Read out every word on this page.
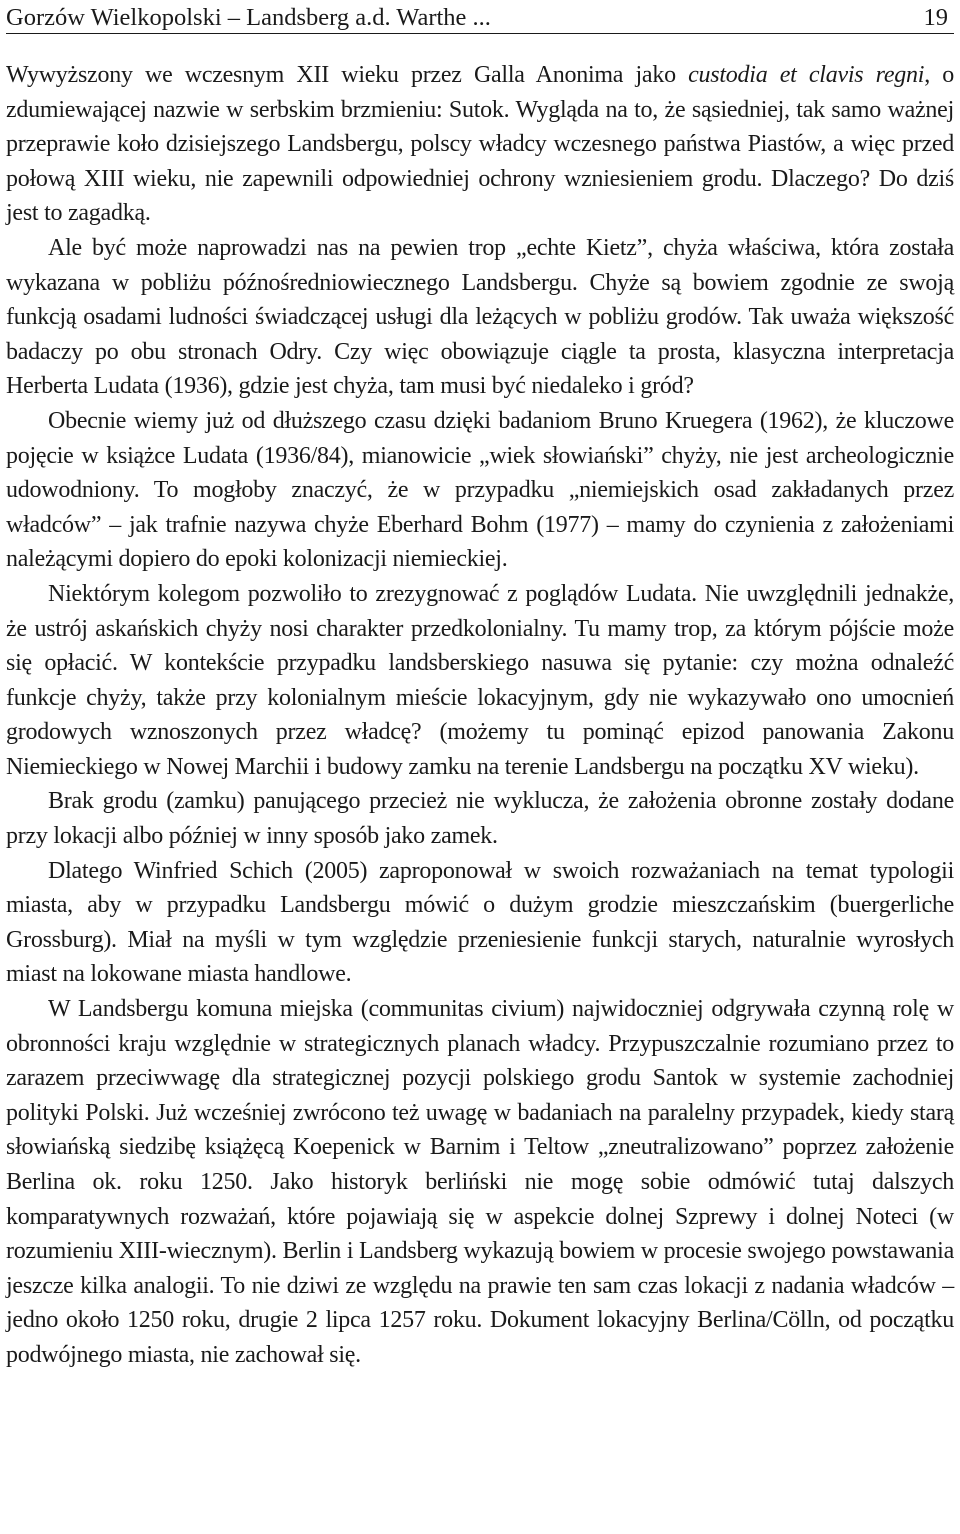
Gorzów Wielkopolski – Landsberg a.d. Warthe ...	19

Wywyższony we wczesnym XII wieku przez Galla Anonima jako custodia et clavis regni, o zdumiewającej nazwie w serbskim brzmieniu: Sutok. Wygląda na to, że sąsiedniej, tak samo ważnej przeprawie koło dzisiejszego Landsbergu, polscy władcy wczesnego państwa Piastów, a więc przed połową XIII wieku, nie zapewnili odpowiedniej ochrony wzniesieniem grodu. Dlaczego? Do dziś jest to zagadką.

Ale być może naprowadzi nas na pewien trop „echte Kietz”, chyża właściwa, która została wykazana w pobliżu późnośredniowiecznego Landsbergu. Chyże są bowiem zgodnie ze swoją funkcją osadami ludności świadczącej usługi dla leżących w pobliżu grodów. Tak uważa większość badaczy po obu stronach Odry. Czy więc obowiązuje ciągle ta prosta, klasyczna interpretacja Herberta Ludata (1936), gdzie jest chyża, tam musi być niedaleko i gród?

Obecnie wiemy już od dłuższego czasu dzięki badaniom Bruno Kruegera (1962), że kluczowe pojęcie w książce Ludata (1936/84), mianowicie „wiek słowiański” chyży, nie jest archeologicznie udowodniony. To mogłoby znaczyć, że w przypadku „niemiejskich osad zakładanych przez władców” – jak trafnie nazywa chyże Eberhard Bohm (1977) – mamy do czynienia z założeniami należącymi dopiero do epoki kolonizacji niemieckiej.

Niektórym kolegom pozwoliło to zrezygnować z poglądów Ludata. Nie uwzględnili jednakże, że ustrój askańskich chyży nosi charakter przedkolonialny. Tu mamy trop, za którym pójście może się opłacić. W kontekście przypadku landsberskiego nasuwa się pytanie: czy można odnaleźć funkcje chyży, także przy kolonialnym mieście lokacyjnym, gdy nie wykazywało ono umocnień grodowych wznoszonych przez władcę? (możemy tu pominąć epizod panowania Zakonu Niemieckiego w Nowej Marchii i budowy zamku na terenie Landsbergu na początku XV wieku).

Brak grodu (zamku) panującego przecież nie wyklucza, że założenia obronne zostały dodane przy lokacji albo później w inny sposób jako zamek.

Dlatego Winfried Schich (2005) zaproponował w swoich rozważaniach na temat typologii miasta, aby w przypadku Landsbergu mówić o dużym grodzie mieszczańskim (buergerliche Grossburg). Miał na myśli w tym względzie przeniesienie funkcji starych, naturalnie wyrosłych miast na lokowane miasta handlowe.

W Landsbergu komuna miejska (communitas civium) najwidoczniej odgrywała czynną rolę w obronności kraju względnie w strategicznych planach władcy. Przypuszczalnie rozumiano przez to zarazem przeciwwagę dla strategicznej pozycji polskiego grodu Santok w systemie zachodniej polityki Polski. Już wcześniej zwrócono też uwagę w badaniach na paralelny przypadek, kiedy starą słowiańską siedzibę książęcą Koepenick w Barnim i Teltow „zneutralizowano” poprzez założenie Berlina ok. roku 1250. Jako historyk berliński nie mogę sobie odmówić tutaj dalszych komparatywnych rozważań, które pojawiają się w aspekcie dolnej Szprewy i dolnej Noteci (w rozumieniu XIII-wiecznym). Berlin i Landsberg wykazują bowiem w procesie swojego powstawania jeszcze kilka analogii. To nie dziwi ze względu na prawie ten sam czas lokacji z nadania władców – jedno około 1250 roku, drugie 2 lipca 1257 roku. Dokument lokacyjny Berlina/Cölln, od początku podwójnego miasta, nie zachował się.
